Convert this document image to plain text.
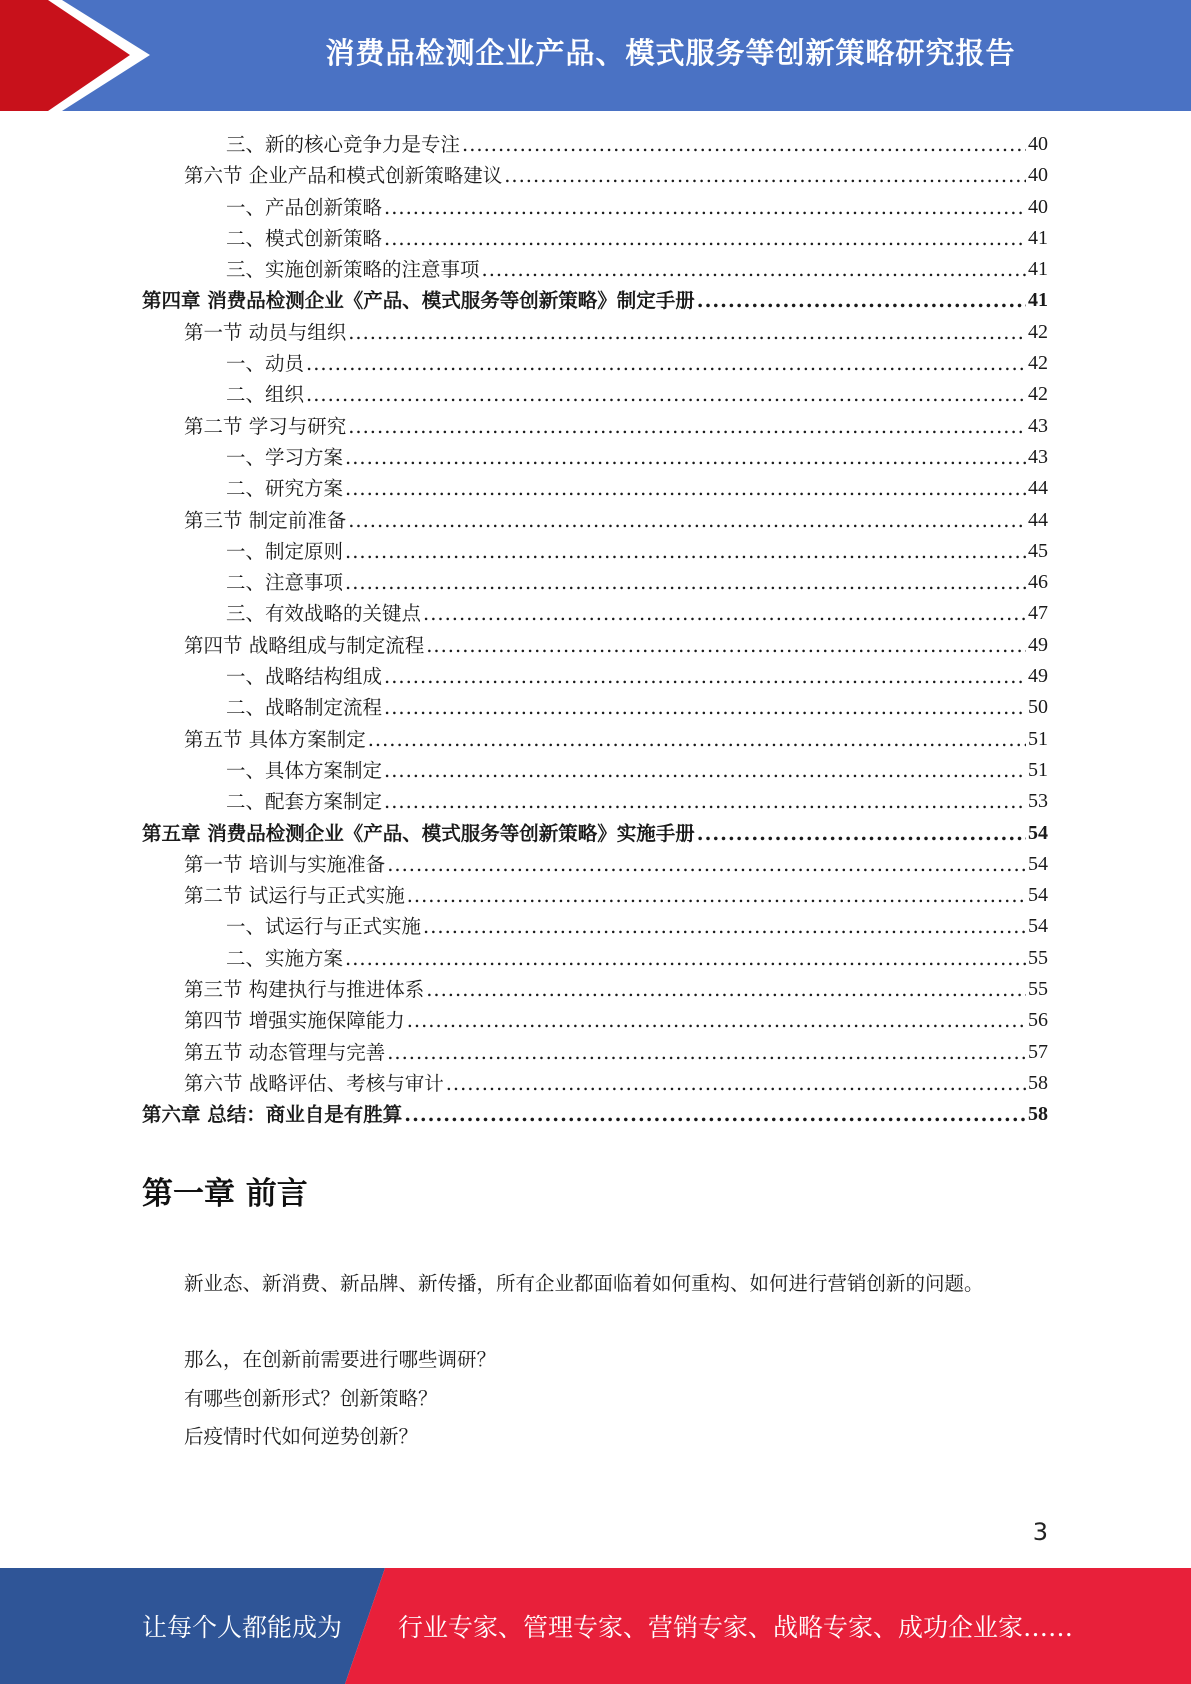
消费品检测企业产品、模式服务等创新策略研究报告
三、新的核心竞争力是专注 .....	40
第六节 企业产品和模式创新策略建议 .....	40
一、产品创新策略 .....	40
二、模式创新策略 .....	41
三、实施创新策略的注意事项 .....	41
第四章 消费品检测企业《产品、模式服务等创新策略》制定手册 .....	41
第一节 动员与组织 .....	42
一、动员 .....	42
二、组织 .....	42
第二节 学习与研究 .....	43
一、学习方案 .....	43
二、研究方案 .....	44
第三节 制定前准备 .....	44
一、制定原则 .....	45
二、注意事项 .....	46
三、有效战略的关键点 .....	47
第四节 战略组成与制定流程 .....	49
一、战略结构组成 .....	49
二、战略制定流程 .....	50
第五节 具体方案制定 .....	51
一、具体方案制定 .....	51
二、配套方案制定 .....	53
第五章 消费品检测企业《产品、模式服务等创新策略》实施手册 .....	54
第一节 培训与实施准备 .....	54
第二节 试运行与正式实施 .....	54
一、试运行与正式实施 .....	54
二、实施方案 .....	55
第三节 构建执行与推进体系 .....	55
第四节 增强实施保障能力 .....	56
第五节 动态管理与完善 .....	57
第六节 战略评估、考核与审计 .....	58
第六章 总结：商业自是有胜算 .....	58
第一章 前言

新业态、新消费、新品牌、新传播，所有企业都面临着如何重构、如何进行营销创新的问题。

那么，在创新前需要进行哪些调研？

有哪些创新形式？创新策略？

后疫情时代如何逆势创新？

3
让每个人都能成为 行业专家、管理专家、营销专家、战略专家、成功企业家……
